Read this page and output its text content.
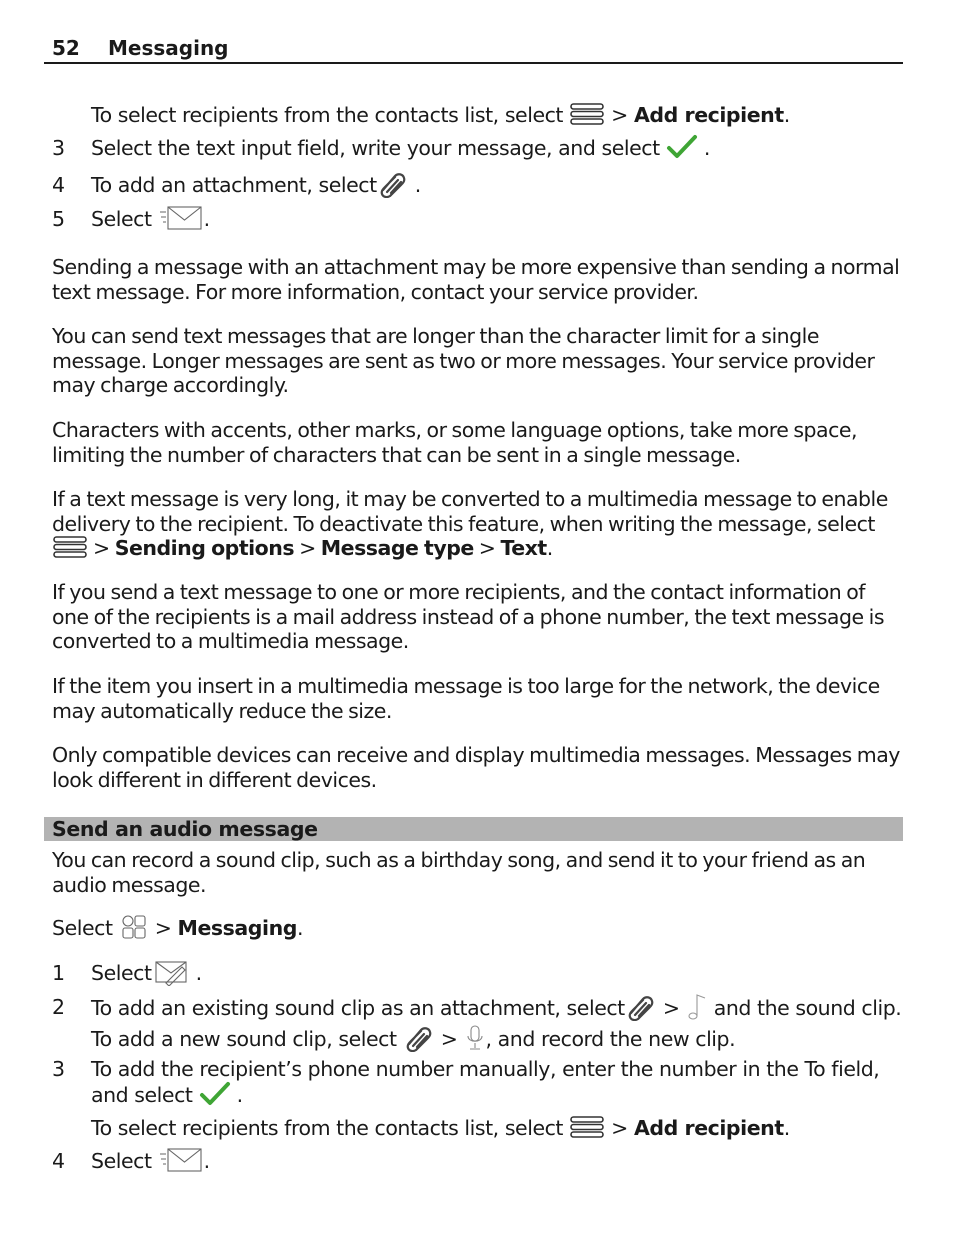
52 Messaging
To select recipients from the contacts list, select
> Add recipient.
3	Select the text input field, write your message, and select .
4	To add an attachment, select .
5	Select	.
Sending a message with an attachment may be more expensive than sending a normal text message. For more information, contact your service provider.
You can send text messages that are longer than the character limit for a single message. Longer messages are sent as two or more messages. Your service provider may charge accordingly.
Characters with accents, other marks, or some language options, take more space, limiting the number of characters that can be sent in a single message.
If a text message is very long, it may be converted to a multimedia message to enable delivery to the recipient. To deactivate this feature, when writing the message, select

> Sending options > Message type > Text.
If you send a text message to one or more recipients, and the contact information of one of the recipients is a mail address instead of a phone number, the text message is converted to a multimedia message.
If the item you insert in a multimedia message is too large for the network, the device may automatically reduce the size.
Only compatible devices can receive and display multimedia messages. Messages may look different in different devices.
Send an audio message
You can record a sound clip, such as a birthday song, and send it to your friend as an audio message.
Select
> Messaging.
1	Select .
2	To add an existing sound clip as an attachment, select
>
and the sound clip.
To add a new sound clip, select
>
, and record the new clip.
3	To add the recipient’s phone number manually, enter the number in the To field,
and select .
To select recipients from the contacts list, select
> Add recipient.
4	Select	.
